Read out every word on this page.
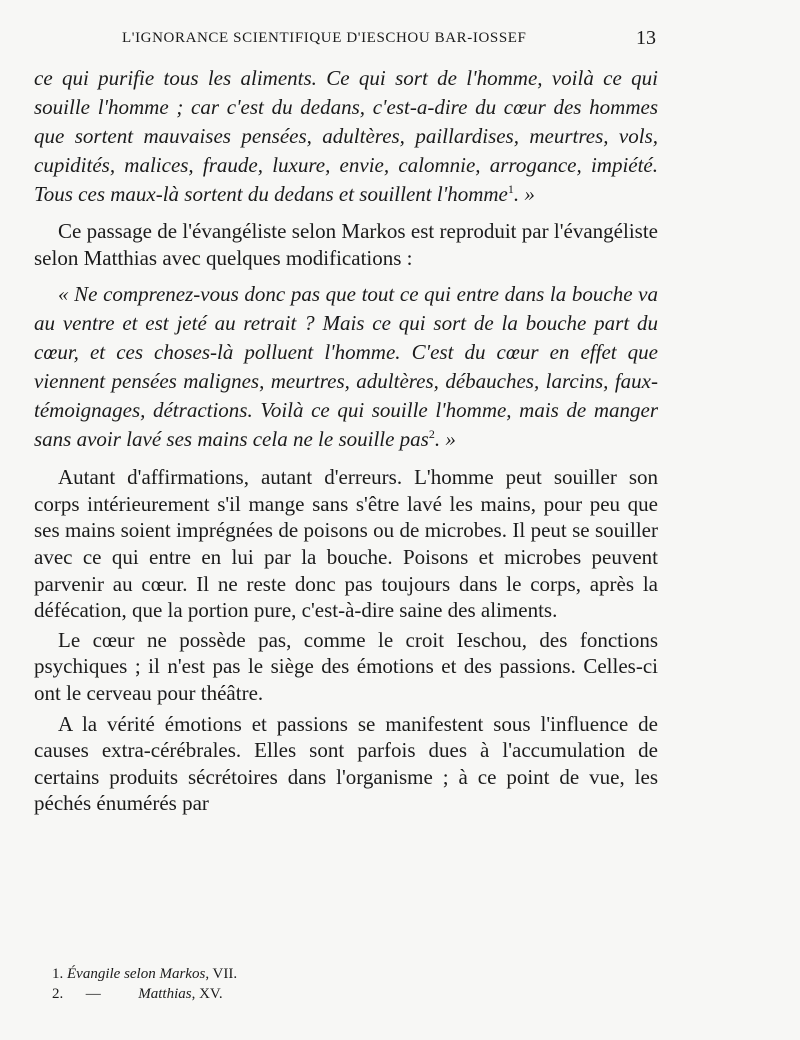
L'IGNORANCE SCIENTIFIQUE D'IESCHOU BAR-IOSSEF	13

ce qui purifie tous les aliments. Ce qui sort de l'homme, voilà ce qui souille l'homme ; car c'est du dedans, c'est-a-dire du cœur des hommes que sortent mauvaises pensées, adultères, paillardises, meurtres, vols, cupidités, malices, fraude, luxure, envie, calomnie, arrogance, impiété. Tous ces maux-là sortent du dedans et souillent l'homme$^1$. »

Ce passage de l'évangéliste selon Markos est reproduit par l'évangéliste selon Matthias avec quelques modifications :

« Ne comprenez-vous donc pas que tout ce qui entre dans la bouche va au ventre et est jeté au retrait ? Mais ce qui sort de la bouche part du cœur, et ces choses-là polluent l'homme. C'est du cœur en effet que viennent pensées malignes, meurtres, adultères, débauches, larcins, faux-témoignages, détractions. Voilà ce qui souille l'homme, mais de manger sans avoir lavé ses mains cela ne le souille pas$^2$. »

Autant d'affirmations, autant d'erreurs. L'homme peut souiller son corps intérieurement s'il mange sans s'être lavé les mains, pour peu que ses mains soient imprégnées de poisons ou de microbes. Il peut se souiller avec ce qui entre en lui par la bouche. Poisons et microbes peuvent parvenir au cœur. Il ne reste donc pas toujours dans le corps, après la défécation, que la portion pure, c'est-à-dire saine des aliments.

Le cœur ne possède pas, comme le croit Ieschou, des fonctions psychiques ; il n'est pas le siège des émotions et des passions. Celles-ci ont le cerveau pour théâtre.

A la vérité émotions et passions se manifestent sous l'influence de causes extra-cérébrales. Elles sont parfois dues à l'accumulation de certains produits sécrétoires dans l'organisme ; à ce point de vue, les péchés énumérés par

1. Évangile selon Markos, VII.
2. —	Matthias, XV.
